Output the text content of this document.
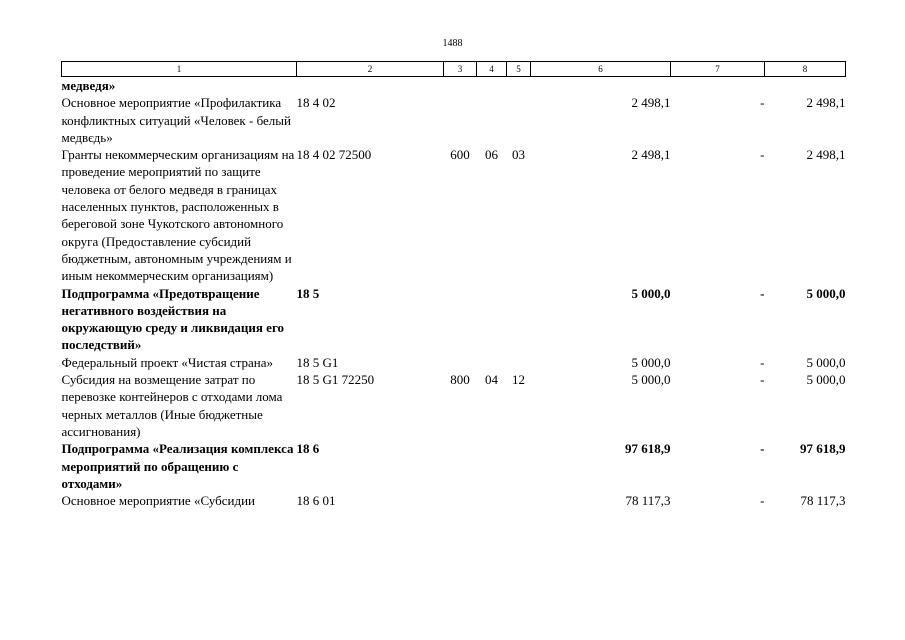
1488
1	2	3	4	5	6	7	8
медведя»							
Основное мероприятие «Профилактика конфликтных ситуаций «Человек - белый медвєдь»	18 4 02				2 498,1	-	2 498,1
Гранты некоммерческим организациям на проведение мероприятий по защите человека от белого медведя в границах населенных пунктов, расположенных в береговой зоне Чукотского автономного округа (Предоставление субсидий бюджетным, автономным учреждениям и иным некоммерческим организациям)	18 4 02 72500	600	06	03	2 498,1	-	2 498,1
Подпрограмма «Предотвращение негативного воздействия на окружающую среду и ликвидация его последствий»	18 5				5 000,0	-	5 000,0
Федеральный проект «Чистая страна»	18 5 G1				5 000,0	-	5 000,0
Субсидия на возмещение затрат по перевозке контейнеров с отходами лома черных металлов (Иные бюджетные ассигнования)	18 5 G1 72250	800	04	12	5 000,0	-	5 000,0
Подпрограмма «Реализация комплекса мероприятий по обращению с отходами»	18 6				97 618,9	-	97 618,9
Основное мероприятие «Субсидии	18 6 01				78 117,3	-	78 117,3
